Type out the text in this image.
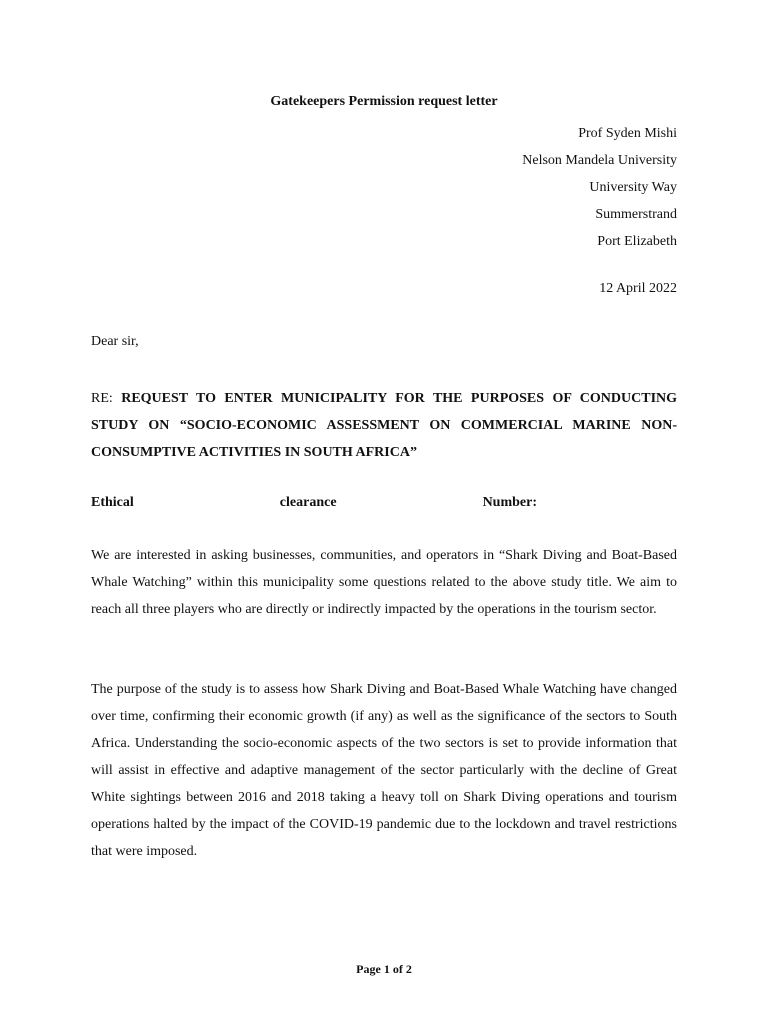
Gatekeepers Permission request letter
Prof Syden Mishi
Nelson Mandela University
University Way
Summerstrand
Port Elizabeth
12 April 2022
Dear sir,
RE: REQUEST TO ENTER MUNICIPALITY FOR THE PURPOSES OF CONDUCTING STUDY ON “SOCIO-ECONOMIC ASSESSMENT ON COMMERCIAL MARINE NON-CONSUMPTIVE ACTIVITIES IN SOUTH AFRICA”
Ethical	clearance	Number:
We are interested in asking businesses, communities, and operators in “Shark Diving and Boat-Based Whale Watching” within this municipality some questions related to the above study title. We aim to reach all three players who are directly or indirectly impacted by the operations in the tourism sector.
The purpose of the study is to assess how Shark Diving and Boat-Based Whale Watching have changed over time, confirming their economic growth (if any) as well as the significance of the sectors to South Africa. Understanding the socio-economic aspects of the two sectors is set to provide information that will assist in effective and adaptive management of the sector particularly with the decline of Great White sightings between 2016 and 2018 taking a heavy toll on Shark Diving operations and tourism operations halted by the impact of the COVID-19 pandemic due to the lockdown and travel restrictions that were imposed.
Page 1 of 2
